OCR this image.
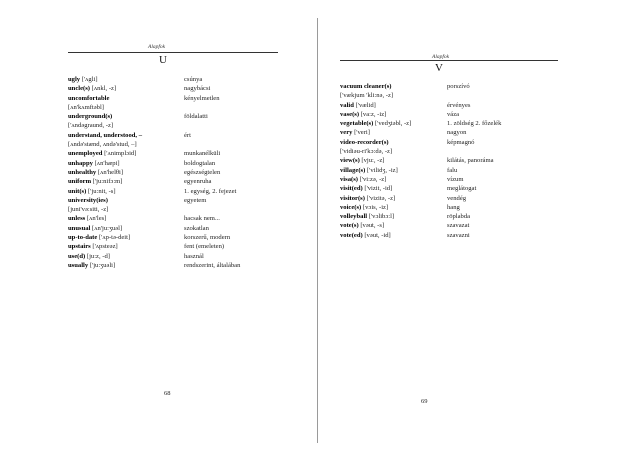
Alapfok
U
ugly ['ʌgli]	csúnya
uncle(s) [ʌnkl, -z]	nagybácsi
uncomfortable	kényelmetlen
[ʌn'kʌmftəbl]
underground(s)	földalatti
['ʌndəgraund, -z]
understand, understood, –	ért
[ʌndə'stænd, ʌndə'stud, –]
unemployed ['ʌnimplɔid]	munkanélküli
unhappy [ʌn'hæpi]	boldogtalan
unhealthy [ʌn'helθi]	egészségtelen
uniform ['ju:nifɔ:m]	egyenruha
unit(s) ['ju:nit, -s]	1. egység, 2. fejezet
university(ies)	egyetem
[juni'və:siti, -z]
unless [ʌn'les]	hacsak nem...
unusual [ʌn'ju:ʒuəl]	szokatlan
up-to-date ['ʌp-tə-deit]	korszerű, modern
upstairs ['ʌpsteəz]	fent (emeleten)
use(d) [ju:z, -d]	használ
usually ['ju:ʒuəli]	rendszerint, általában
68
Alapfok
V
vacuum cleaner(s)	porszívó
['vækjum 'kli:nə, -z]
valid ['vælid]	érvényes
vase(s) [va:z, -iz]	váza
vegetable(s) ['vedʒtəbl, -z]	1. zöldség 2. főzelék
very ['veri]	nagyon
video-recorder(s)	képmagnó
['vidiəu-ri'kɔ:də, -z]
view(s) [vju:, -z]	kilátás, panoráma
village(s) ['vilidʒ, -iz]	falu
visa(s) ['vi:zə, -z]	vízum
visit(ed) ['vizit, -id]	meglátogat
visitor(s) ['vizitə, -z]	vendég
voice(s) [vɔis, -iz]	hang
volleyball ['vɔlibɔ:l]	röplabda
vote(s) [vəut, -s]	szavazat
vote(ed) [vəut, -id]	szavazni
69
